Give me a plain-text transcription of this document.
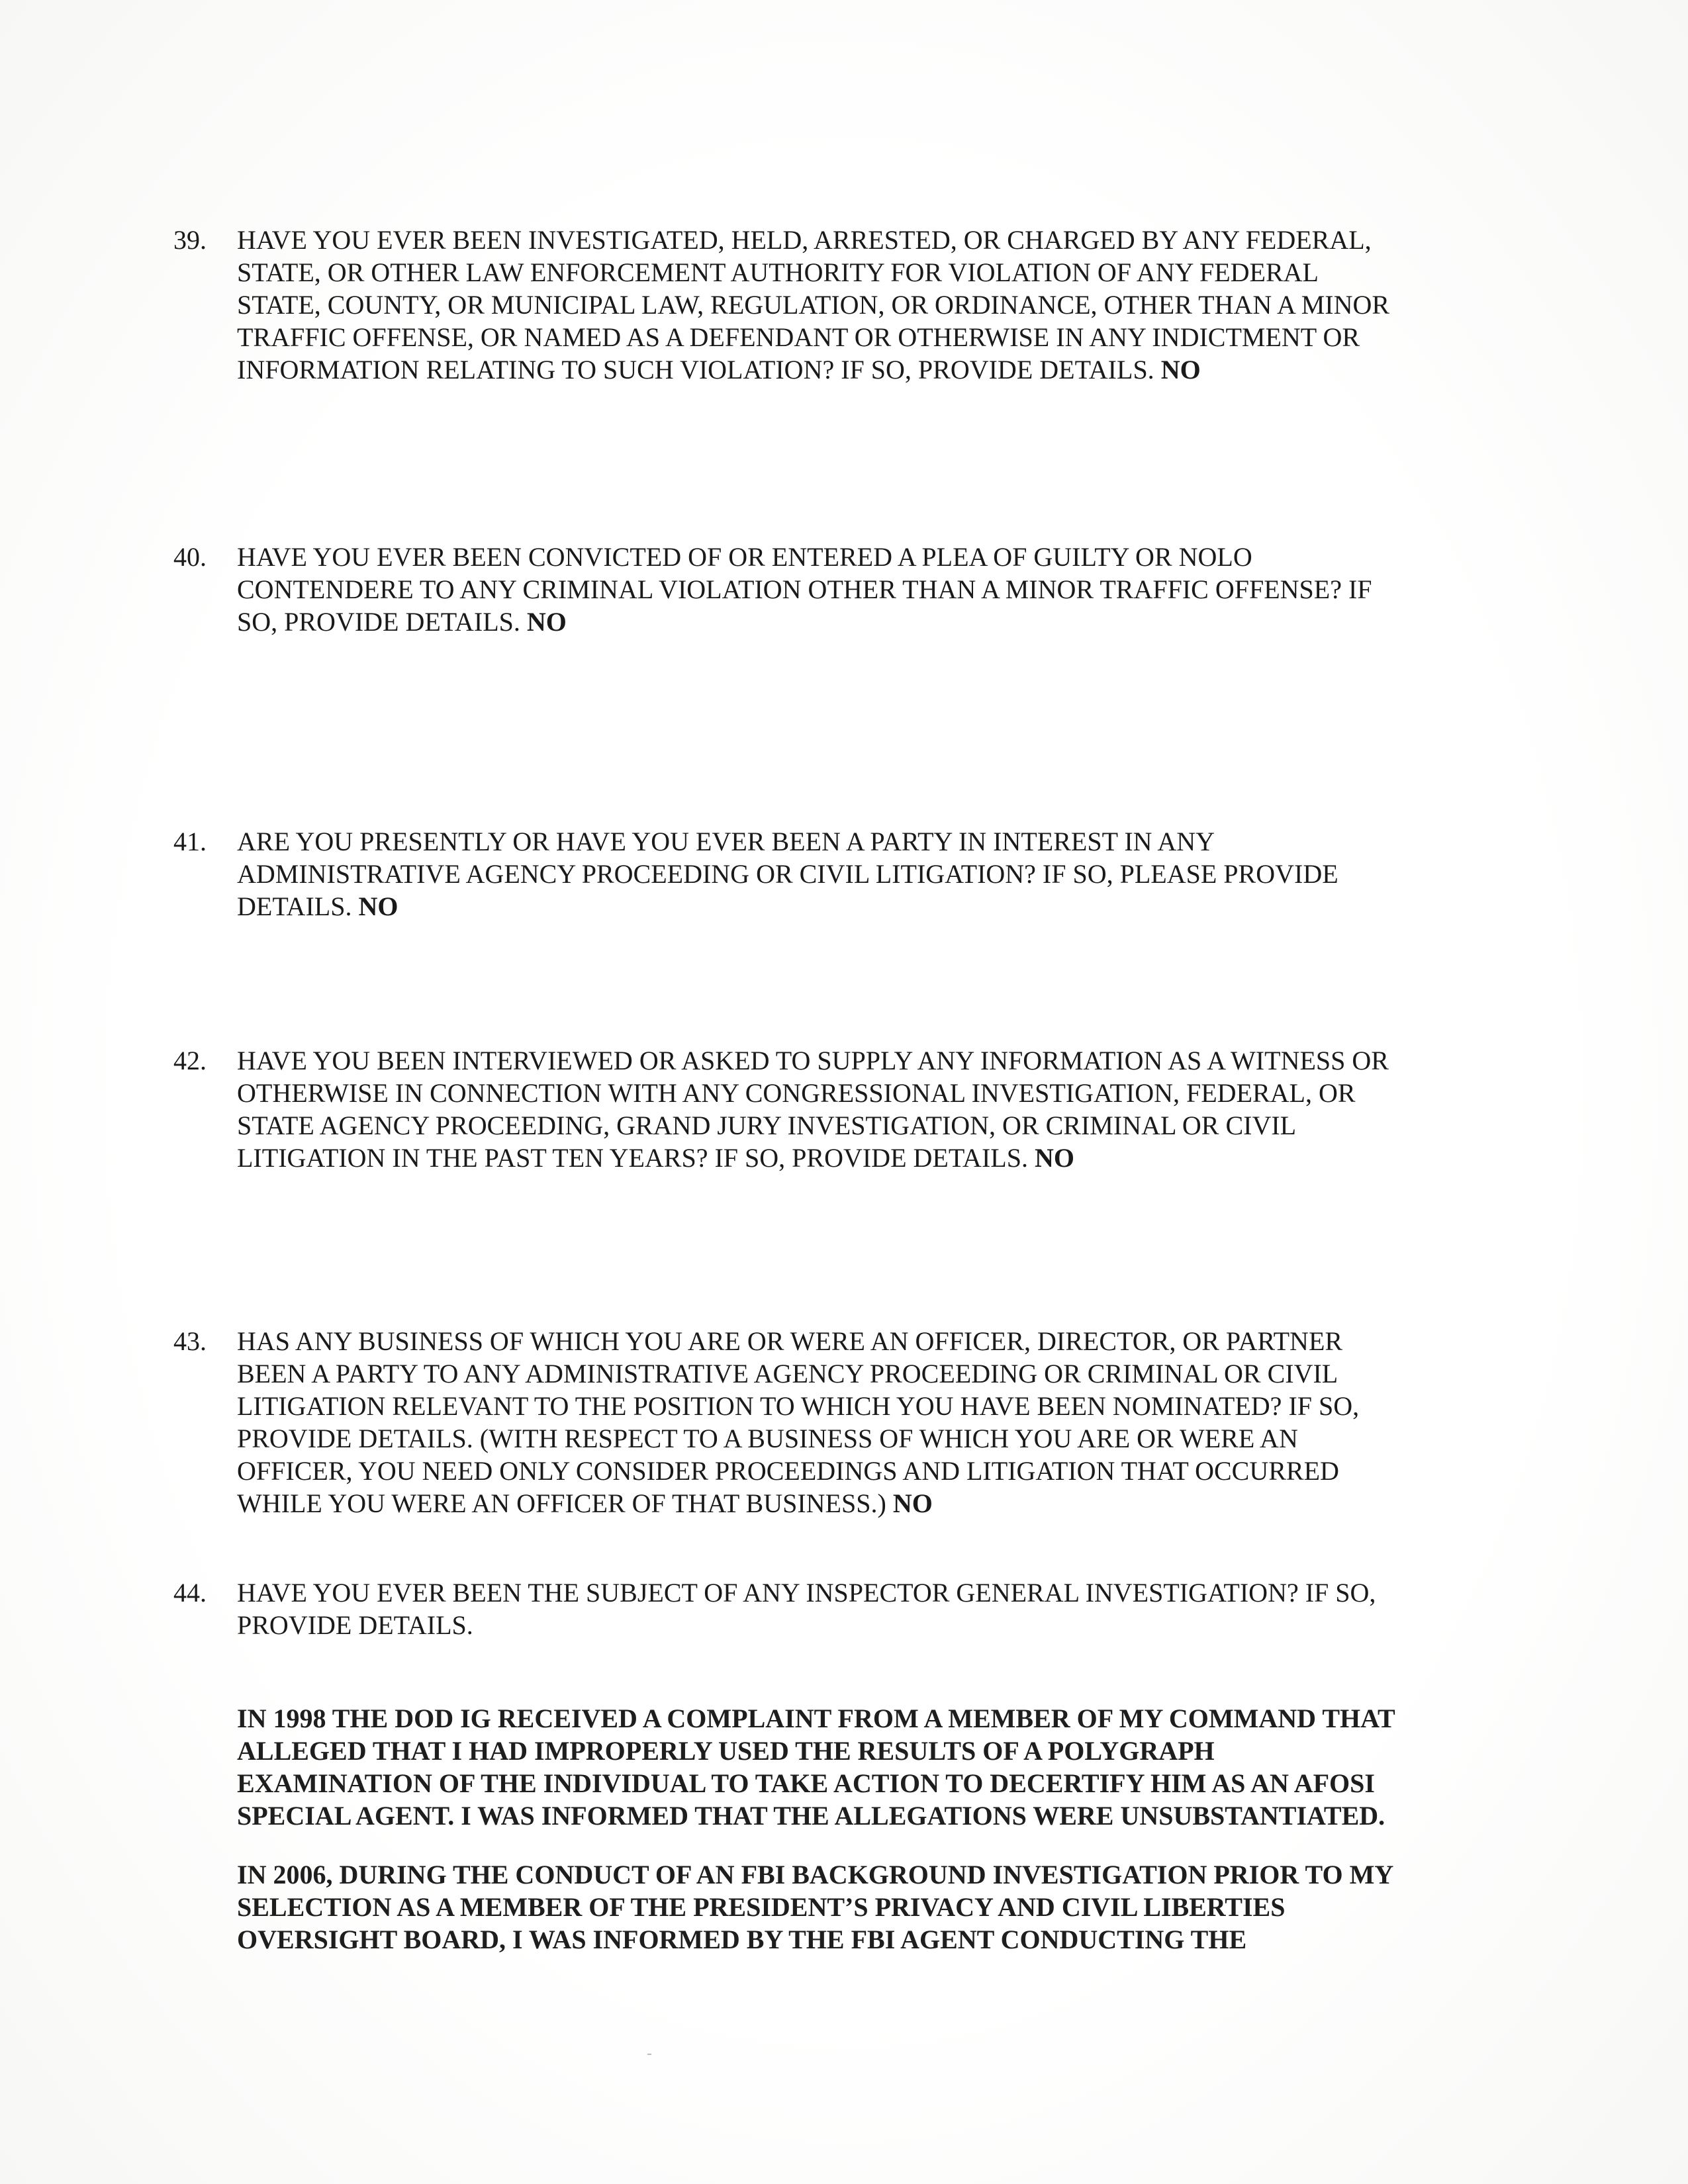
39.	HAVE YOU EVER BEEN INVESTIGATED, HELD, ARRESTED, OR CHARGED BY ANY FEDERAL,
STATE, OR OTHER LAW ENFORCEMENT AUTHORITY FOR VIOLATION OF ANY FEDERAL
STATE, COUNTY, OR MUNICIPAL LAW, REGULATION, OR ORDINANCE, OTHER THAN A MINOR
TRAFFIC OFFENSE, OR NAMED AS A DEFENDANT OR OTHERWISE IN ANY INDICTMENT OR
INFORMATION RELATING TO SUCH VIOLATION? IF SO, PROVIDE DETAILS. NO
40.	HAVE YOU EVER BEEN CONVICTED OF OR ENTERED A PLEA OF GUILTY OR NOLO
CONTENDERE TO ANY CRIMINAL VIOLATION OTHER THAN A MINOR TRAFFIC OFFENSE? IF
SO, PROVIDE DETAILS. NO
41.	ARE YOU PRESENTLY OR HAVE YOU EVER BEEN A PARTY IN INTEREST IN ANY
ADMINISTRATIVE AGENCY PROCEEDING OR CIVIL LITIGATION? IF SO, PLEASE PROVIDE
DETAILS. NO
42.	HAVE YOU BEEN INTERVIEWED OR ASKED TO SUPPLY ANY INFORMATION AS A WITNESS OR
OTHERWISE IN CONNECTION WITH ANY CONGRESSIONAL INVESTIGATION, FEDERAL, OR
STATE AGENCY PROCEEDING, GRAND JURY INVESTIGATION, OR CRIMINAL OR CIVIL
LITIGATION IN THE PAST TEN YEARS? IF SO, PROVIDE DETAILS. NO
43.	HAS ANY BUSINESS OF WHICH YOU ARE OR WERE AN OFFICER, DIRECTOR, OR PARTNER
BEEN A PARTY TO ANY ADMINISTRATIVE AGENCY PROCEEDING OR CRIMINAL OR CIVIL
LITIGATION RELEVANT TO THE POSITION TO WHICH YOU HAVE BEEN NOMINATED? IF SO,
PROVIDE DETAILS. (WITH RESPECT TO A BUSINESS OF WHICH YOU ARE OR WERE AN
OFFICER, YOU NEED ONLY CONSIDER PROCEEDINGS AND LITIGATION THAT OCCURRED
WHILE YOU WERE AN OFFICER OF THAT BUSINESS.) NO
44.	HAVE YOU EVER BEEN THE SUBJECT OF ANY INSPECTOR GENERAL INVESTIGATION? IF SO,
PROVIDE DETAILS.
IN 1998 THE DOD IG RECEIVED A COMPLAINT FROM A MEMBER OF MY COMMAND THAT
ALLEGED THAT I HAD IMPROPERLY USED THE RESULTS OF A POLYGRAPH
EXAMINATION OF THE INDIVIDUAL TO TAKE ACTION TO DECERTIFY HIM AS AN AFOSI
SPECIAL AGENT. I WAS INFORMED THAT THE ALLEGATIONS WERE UNSUBSTANTIATED.
IN 2006, DURING THE CONDUCT OF AN FBI BACKGROUND INVESTIGATION PRIOR TO MY
SELECTION AS A MEMBER OF THE PRESIDENT’S PRIVACY AND CIVIL LIBERTIES
OVERSIGHT BOARD, I WAS INFORMED BY THE FBI AGENT CONDUCTING THE
